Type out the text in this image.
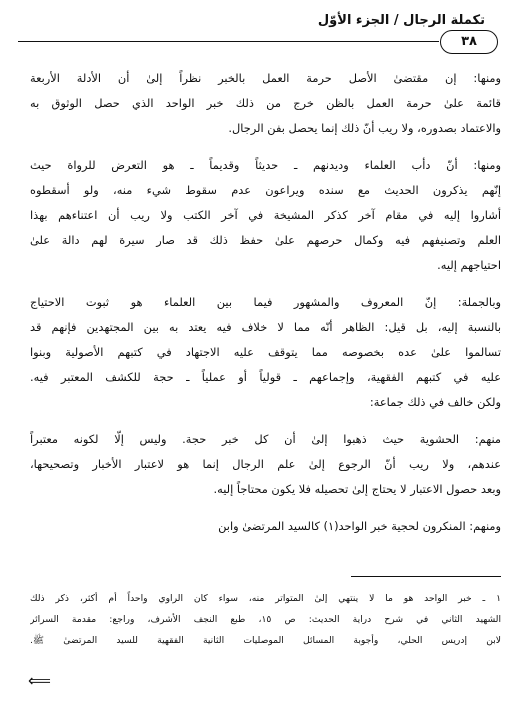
تكملة الرجال / الجزء الأوّل
٣٨
ومنها: إن مقتضىٰ الأصل حرمة العمل بالخبر نظراً إلىٰ أن الأدلة الأربعة
قائمة علىٰ حرمة العمل بالظن خرج من ذلك خبر الواحد الذي حصل الوثوق به
والاعتماد بصدوره، ولا ريب أنّ ذلك إنما يحصل بفن الرجال.
ومنها: أنّ دأب العلماء وديدنهم ـ حديثاً وقديماً ـ هو التعرض للرواة حيث
إنّهم يذكرون الحديث مع سنده ويراعون عدم سقوط شيء منه، ولو أسقطوه
أشاروا إليه في مقام آخر كذكر المشيخة في آخر الكتب ولا ريب أن اعتناءهم بهذا
العلم وتصنيفهم فيه وكمال حرصهم علىٰ حفظ ذلك قد صار سيرة لهم دالة علىٰ
احتياجهم إليه.
وبالجملة: إنّ المعروف والمشهور فيما بين العلماء هو ثبوت الاحتياج
بالنسبة إليه، بل قيل: الظاهر أنّه مما لا خلاف فيه يعتد به بين المجتهدين فإنهم قد
تسالموا علىٰ عده بخصوصه مما يتوقف عليه الاجتهاد في كتبهم الأصولية وبنوا
عليه في كتبهم الفقهية، وإجماعهم ـ قولياً أو عملياً ـ حجة للكشف المعتبر فيه.
ولكن خالف في ذلك جماعة:
منهم: الحشوية حيث ذهبوا إلىٰ أن كل خبر حجة. وليس إلّا لكونه معتبراً
عندهم، ولا ريب أنّ الرجوع إلىٰ علم الرجال إنما هو لاعتبار الأخبار وتصحيحها،
وبعد حصول الاعتبار لا يحتاج إلىٰ تحصيله فلا يكون محتاجاً إليه.
ومنهم: المنكرون لحجية خبر الواحد(١) كالسيد المرتضىٰ وابن
١ ـ خبر الواحد هو ما لا ينتهي إلىٰ المتواتر منه، سواء كان الراوي واحداً أم أكثر، ذكر ذلك
الشهيد الثاني في شرح دراية الحديث: ص ١٥، طبع النجف الأشرف، وراجع: مقدمة السرائر
لابن إدريس الحلي، وأجوبة المسائل الموصليات الثانية الفقهية للسيد المرتضىٰ ﷺ.
⟸
